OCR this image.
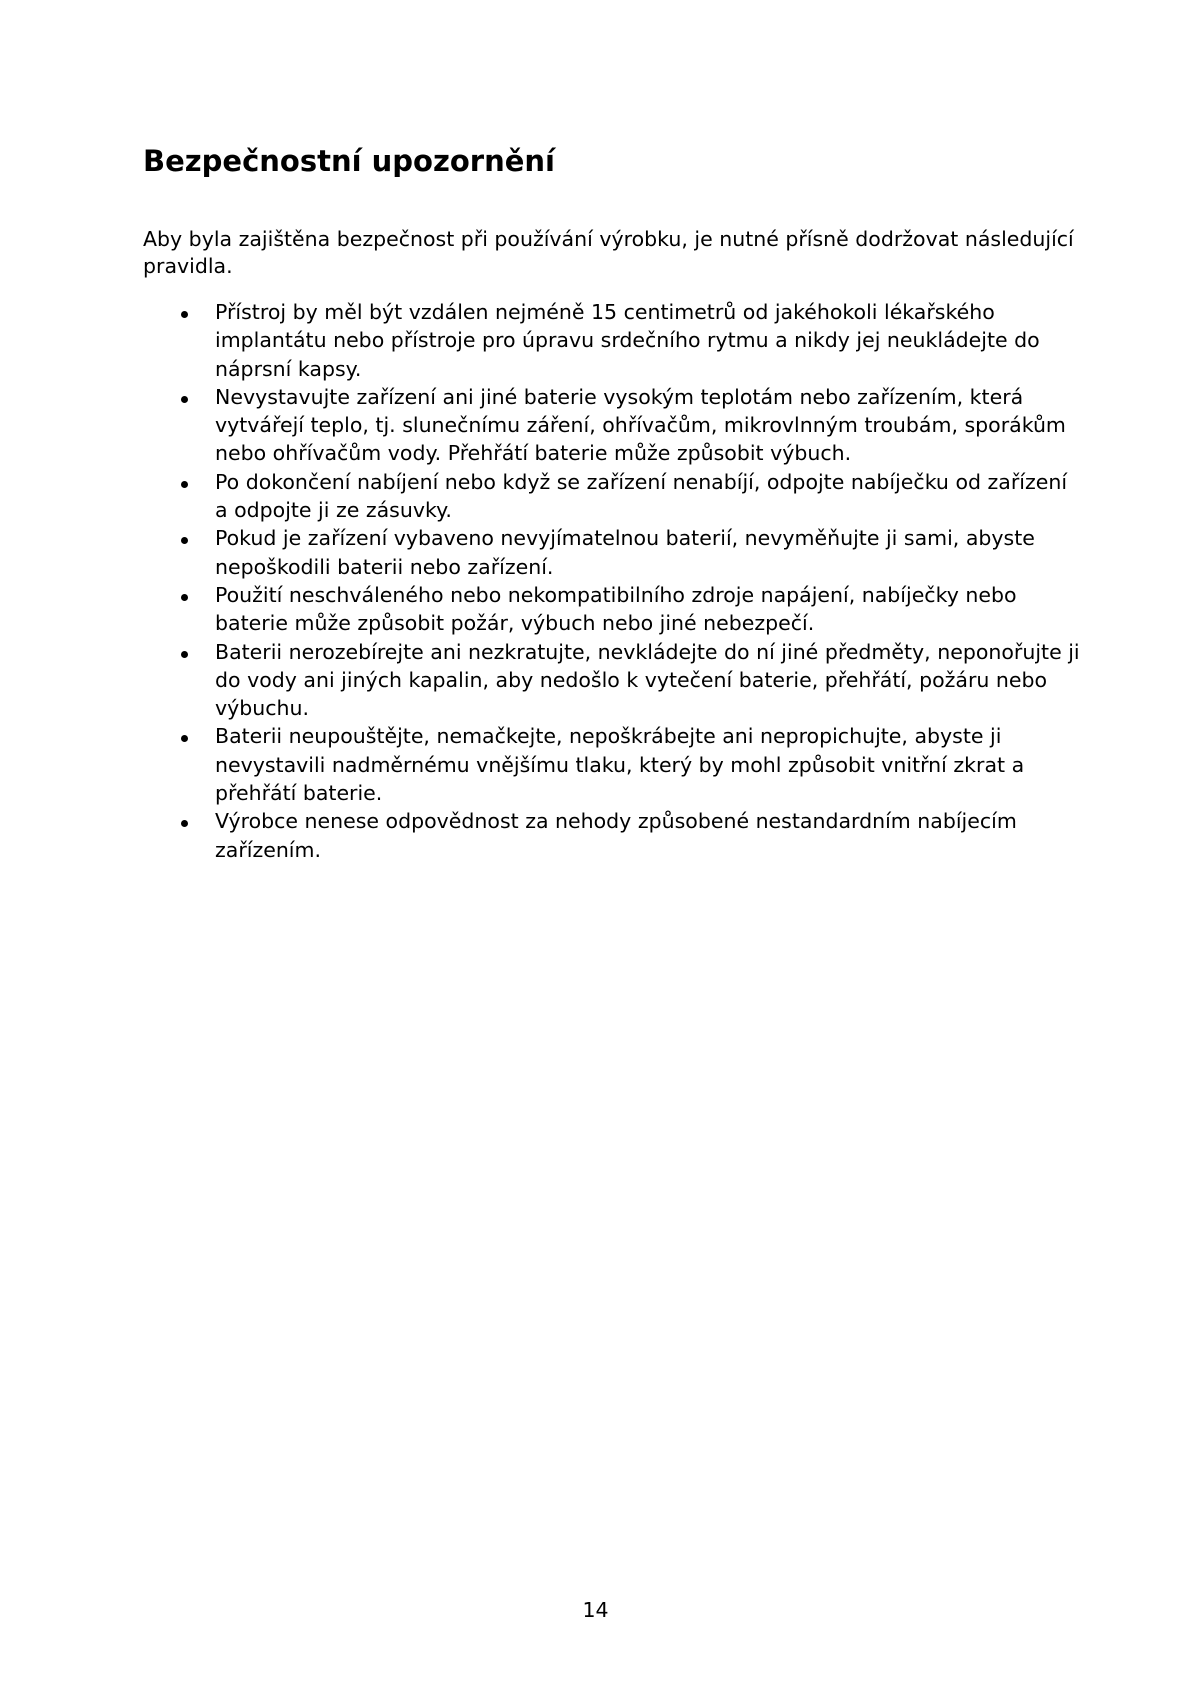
Bezpečnostní upozornění

Aby byla zajištěna bezpečnost při používání výrobku, je nutné přísně dodržovat následující pravidla.

Přístroj by měl být vzdálen nejméně 15 centimetrů od jakéhokoli lékařského implantátu nebo přístroje pro úpravu srdečního rytmu a nikdy jej neukládejte do náprsní kapsy.
Nevystavujte zařízení ani jiné baterie vysokým teplotám nebo zařízením, která vytvářejí teplo, tj. slunečnímu záření, ohřívačům, mikrovlnným troubám, sporákům nebo ohřívačům vody. Přehřátí baterie může způsobit výbuch.
Po dokončení nabíjení nebo když se zařízení nenabíjí, odpojte nabíječku od zařízení a odpojte ji ze zásuvky.
Pokud je zařízení vybaveno nevyjímatelnou baterií, nevyměňujte ji sami, abyste nepoškodili baterii nebo zařízení.
Použití neschváleného nebo nekompatibilního zdroje napájení, nabíječky nebo baterie může způsobit požár, výbuch nebo jiné nebezpečí.
Baterii nerozebírejte ani nezkratujte, nevkládejte do ní jiné předměty, neponořujte ji do vody ani jiných kapalin, aby nedošlo k vytečení baterie, přehřátí, požáru nebo výbuchu.
Baterii neupouštějte, nemačkejte, nepoškrábejte ani nepropichujte, abyste ji nevystavili nadměrnému vnějšímu tlaku, který by mohl způsobit vnitřní zkrat a přehřátí baterie.
Výrobce nenese odpovědnost za nehody způsobené nestandardním nabíjecím zařízením.
14
